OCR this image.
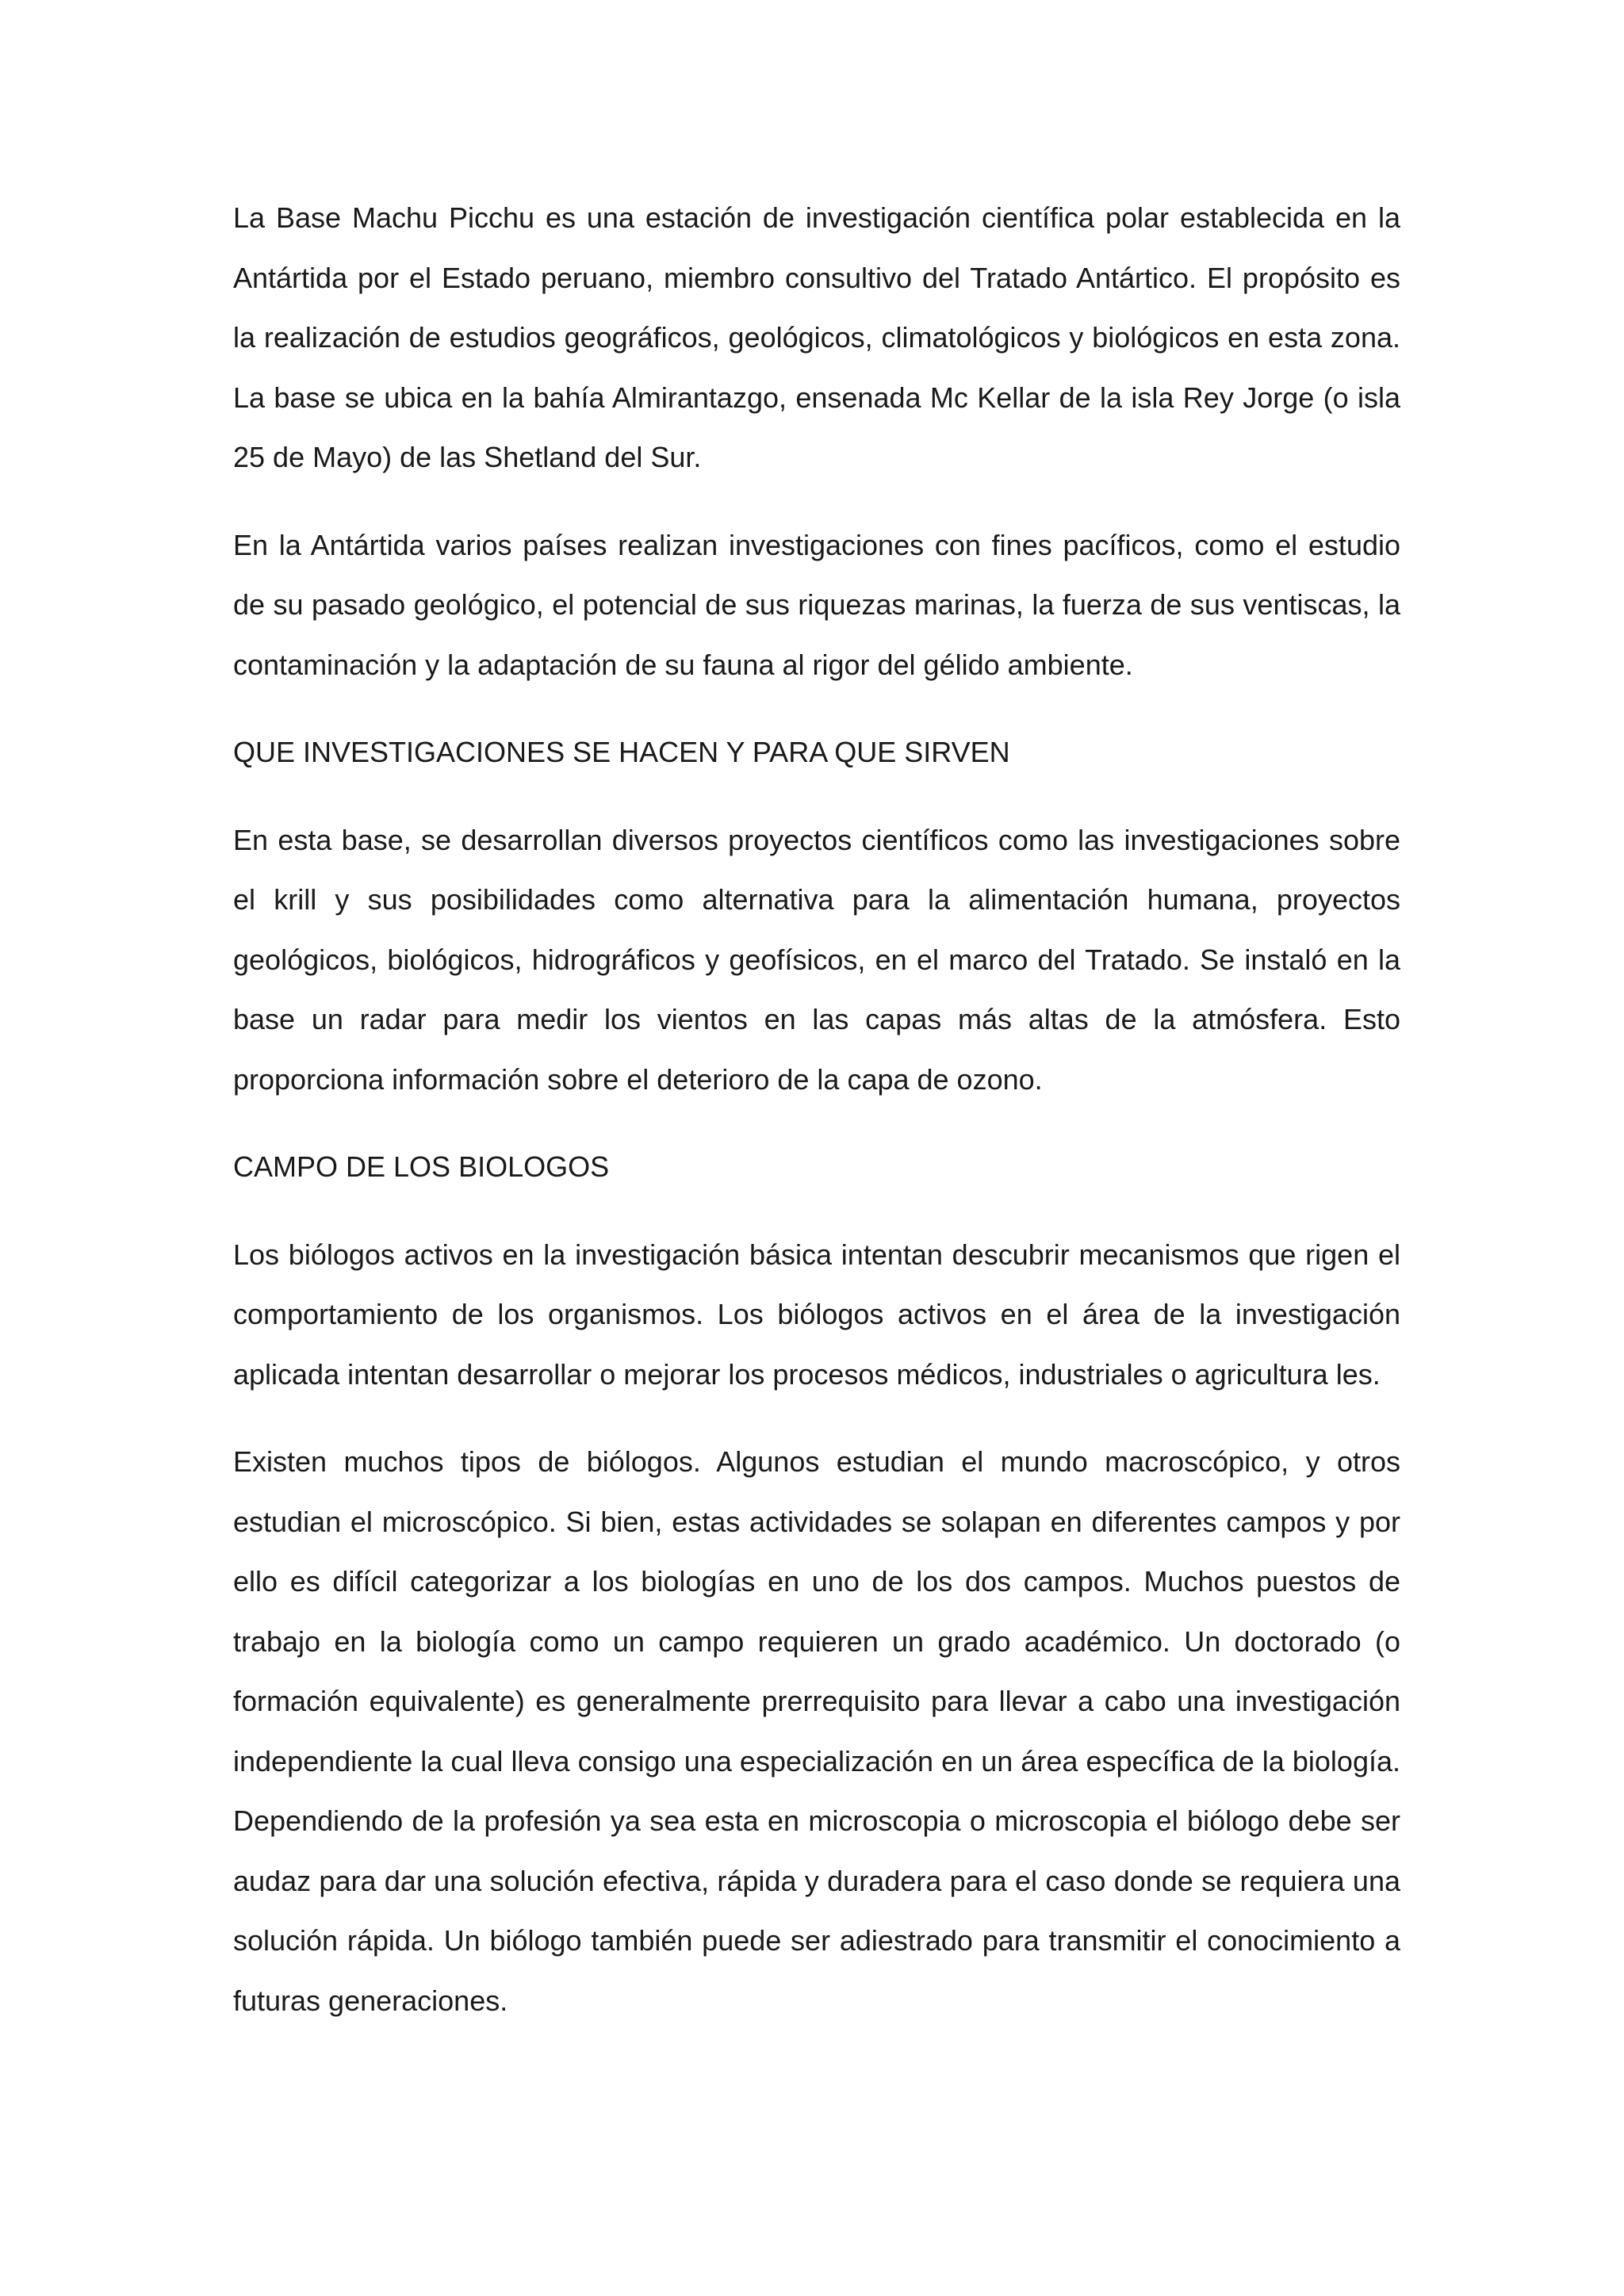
La Base Machu Picchu es una estación de investigación científica polar establecida en la Antártida por el Estado peruano, miembro consultivo del Tratado Antártico. El propósito es la realización de estudios geográficos, geológicos, climatológicos y biológicos en esta zona. La base se ubica en la bahía Almirantazgo, ensenada Mc Kellar de la isla Rey Jorge (o isla 25 de Mayo) de las Shetland del Sur.

En la Antártida varios países realizan investigaciones con fines pacíficos, como el estudio de su pasado geológico, el potencial de sus riquezas marinas, la fuerza de sus ventiscas, la contaminación y la adaptación de su fauna al rigor del gélido ambiente.

QUE INVESTIGACIONES SE HACEN Y PARA QUE SIRVEN

En esta base, se desarrollan diversos proyectos científicos como las investigaciones sobre el krill y sus posibilidades como alternativa para la alimentación humana, proyectos geológicos, biológicos, hidrográficos y geofísicos, en el marco del Tratado. Se instaló en la base un radar para medir los vientos en las capas más altas de la atmósfera. Esto proporciona información sobre el deterioro de la capa de ozono.

CAMPO DE LOS BIOLOGOS

Los biólogos activos en la investigación básica intentan descubrir mecanismos que rigen el comportamiento de los organismos. Los biólogos activos en el área de la investigación aplicada intentan desarrollar o mejorar los procesos médicos, industriales o agricultura les.

Existen muchos tipos de biólogos. Algunos estudian el mundo macroscópico, y otros estudian el microscópico. Si bien, estas actividades se solapan en diferentes campos y por ello es difícil categorizar a los biologías en uno de los dos campos. Muchos puestos de trabajo en la biología como un campo requieren un grado académico. Un doctorado (o formación equivalente) es generalmente prerrequisito para llevar a cabo una investigación independiente la cual lleva consigo una especialización en un área específica de la biología. Dependiendo de la profesión ya sea esta en microscopia o microscopia el biólogo debe ser audaz para dar una solución efectiva, rápida y duradera para el caso donde se requiera una solución rápida. Un biólogo también puede ser adiestrado para transmitir el conocimiento a futuras generaciones.
